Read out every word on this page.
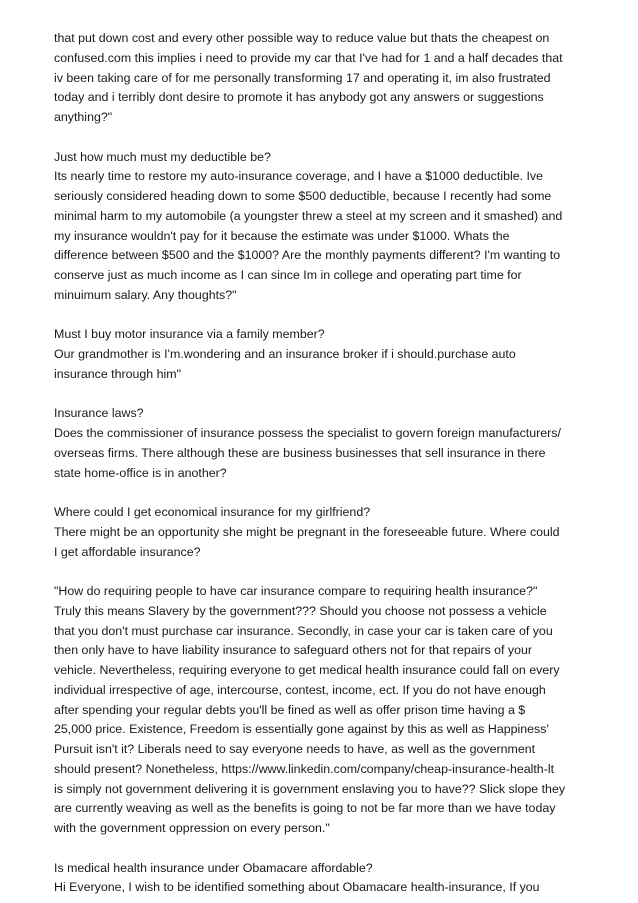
that put down cost and every other possible way to reduce value but thats the cheapest on
confused.com this implies i need to provide my car that I've had for 1 and a half decades that
iv been taking care of for me personally transforming 17 and operating it, im also frustrated
today and i terribly dont desire to promote it has anybody got any answers or suggestions
anything?"
Just how much must my deductible be?
Its nearly time to restore my auto-insurance coverage, and I have a $1000 deductible. Ive
seriously considered heading down to some $500 deductible, because I recently had some
minimal harm to my automobile (a youngster threw a steel at my screen and it smashed) and
my insurance wouldn't pay for it because the estimate was under $1000. Whats the
difference between $500 and the $1000? Are the monthly payments different? I'm wanting to
conserve just as much income as I can since Im in college and operating part time for
minuimum salary. Any thoughts?"
Must I buy motor insurance via a family member?
Our grandmother is I'm.wondering and an insurance broker if i should.purchase auto
insurance through him"
Insurance laws?
Does the commissioner of insurance possess the specialist to govern foreign manufacturers/
overseas firms. There although these are business businesses that sell insurance in there
state home-office is in another?
Where could I get economical insurance for my girlfriend?
There might be an opportunity she might be pregnant in the foreseeable future. Where could
I get affordable insurance?
"How do requiring people to have car insurance compare to requiring health insurance?"
Truly this means Slavery by the government??? Should you choose not possess a vehicle
that you don't must purchase car insurance. Secondly, in case your car is taken care of you
then only have to have liability insurance to safeguard others not for that repairs of your
vehicle. Nevertheless, requiring everyone to get medical health insurance could fall on every
individual irrespective of age, intercourse, contest, income, ect. If you do not have enough
after spending your regular debts you'll be fined as well as offer prison time having a $
25,000 price. Existence, Freedom is essentially gone against by this as well as Happiness'
Pursuit isn't it? Liberals need to say everyone needs to have, as well as the government
should present? Nonetheless, https://www.linkedin.com/company/cheap-insurance-health-lt
is simply not government delivering it is government enslaving you to have?? Slick slope they
are currently weaving as well as the benefits is going to not be far more than we have today
with the government oppression on every person."
Is medical health insurance under Obamacare affordable?
Hi Everyone, I wish to be identified something about Obamacare health-insurance, If you
